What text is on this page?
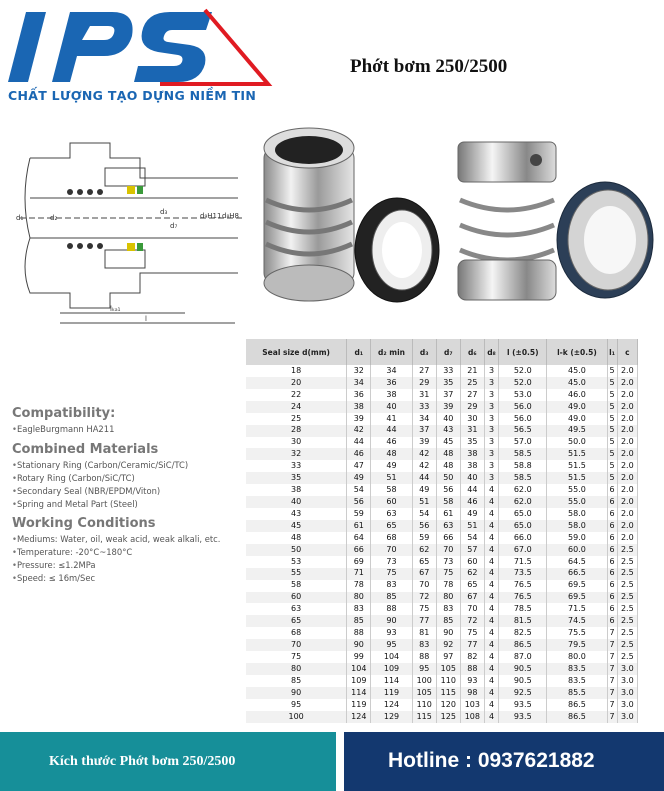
CHẤT LƯỢNG TẠO DỰNG NIỀM TIN
Phớt bơm 250/2500
d₁	d₂
d₃
d₇
d₉H11 d₈H8
lₖₐ₁
l
Compatibility:
• EagleBurgmann HA211
Combined Materials
• Stationary Ring (Carbon/Ceramic/SiC/TC)
• Rotary Ring (Carbon/SiC/TC)
• Secondary Seal (NBR/EPDM/Viton)
• Spring and Metal Part (Steel)
Working Conditions
• Mediums: Water, oil, weak acid, weak alkali, etc.
• Temperature: -20°C~180°C
• Pressure: ≤1.2MPa
• Speed: ≤ 16m/Sec
Seal size d(mm)	d₁	d₂ min	d₃	d₇	d₆	d₈	l (±0.5)	l-k (±0.5)	l₁	c
18	32	34	27	33	21	3	52.0	45.0	5	2.0
20	34	36	29	35	25	3	52.0	45.0	5	2.0
22	36	38	31	37	27	3	53.0	46.0	5	2.0
24	38	40	33	39	29	3	56.0	49.0	5	2.0
25	39	41	34	40	30	3	56.0	49.0	5	2.0
28	42	44	37	43	31	3	56.5	49.5	5	2.0
30	44	46	39	45	35	3	57.0	50.0	5	2.0
32	46	48	42	48	38	3	58.5	51.5	5	2.0
33	47	49	42	48	38	3	58.8	51.5	5	2.0
35	49	51	44	50	40	3	58.5	51.5	5	2.0
38	54	58	49	56	44	4	62.0	55.0	6	2.0
40	56	60	51	58	46	4	62.0	55.0	6	2.0
43	59	63	54	61	49	4	65.0	58.0	6	2.0
45	61	65	56	63	51	4	65.0	58.0	6	2.0
48	64	68	59	66	54	4	66.0	59.0	6	2.0
50	66	70	62	70	57	4	67.0	60.0	6	2.5
53	69	73	65	73	60	4	71.5	64.5	6	2.5
55	71	75	67	75	62	4	73.5	66.5	6	2.5
58	78	83	70	78	65	4	76.5	69.5	6	2.5
60	80	85	72	80	67	4	76.5	69.5	6	2.5
63	83	88	75	83	70	4	78.5	71.5	6	2.5
65	85	90	77	85	72	4	81.5	74.5	6	2.5
68	88	93	81	90	75	4	82.5	75.5	7	2.5
70	90	95	83	92	77	4	86.5	79.5	7	2.5
75	99	104	88	97	82	4	87.0	80.0	7	2.5
80	104	109	95	105	88	4	90.5	83.5	7	3.0
85	109	114	100	110	93	4	90.5	83.5	7	3.0
90	114	119	105	115	98	4	92.5	85.5	7	3.0
95	119	124	110	120	103	4	93.5	86.5	7	3.0
100	124	129	115	125	108	4	93.5	86.5	7	3.0
Kích thước Phớt bơm 250/2500	Hotline : 0937621882
